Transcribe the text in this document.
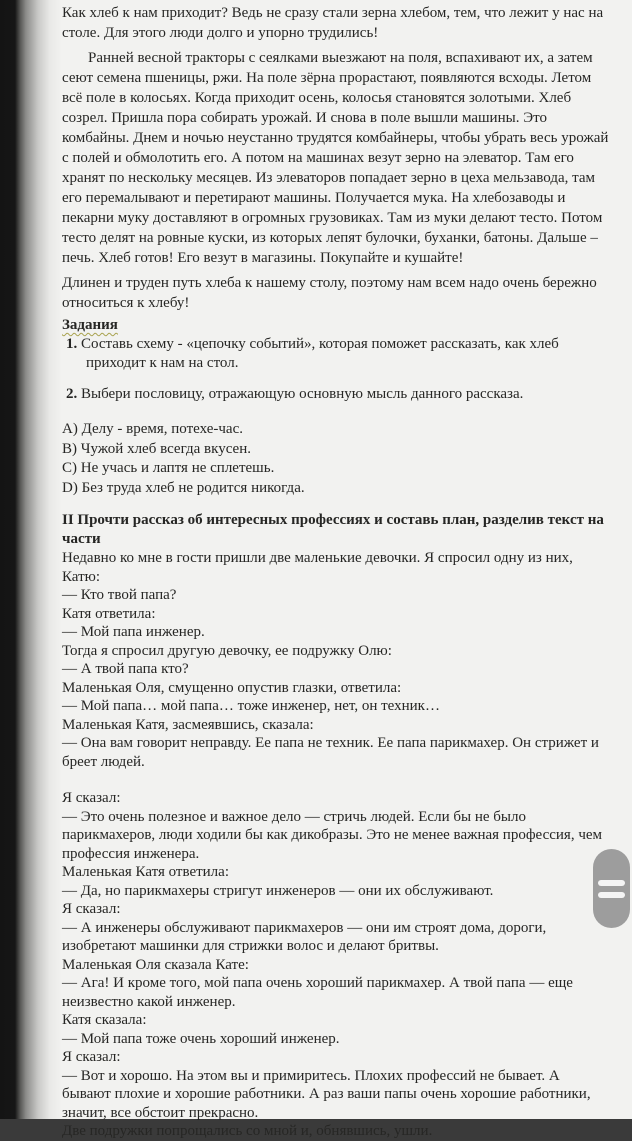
Как хлеб к нам приходит? Ведь не сразу стали зерна хлебом, тем, что лежит у нас на столе. Для этого люди долго и упорно трудились!

Ранней весной тракторы с сеялками выезжают на поля, вспахивают их, а затем сеют семена пшеницы, ржи. На поле зёрна прорастают, появляются всходы. Летом всё поле в колосьях. Когда приходит осень, колосья становятся золотыми. Хлеб созрел. Пришла пора собирать урожай. И снова в поле вышли машины. Это комбайны. Днем и ночью неустанно трудятся комбайнеры, чтобы убрать весь урожай с полей и обмолотить его. А потом на машинах везут зерно на элеватор. Там его хранят по нескольку месяцев. Из элеваторов попадает зерно в цеха мельзавода, там его перемалывают и перетирают машины. Получается мука. На хлебозаводы и пекарни муку доставляют в огромных грузовиках. Там из муки делают тесто. Потом тесто делят на ровные куски, из которых лепят булочки, буханки, батоны. Дальше – печь. Хлеб готов! Его везут в магазины. Покупайте и кушайте!

Длинен и труден путь хлеба к нашему столу, поэтому нам всем надо очень бережно относиться к хлебу!

Задания

1. Составь схему - «цепочку событий», которая поможет рассказать, как хлеб приходит к нам на стол.

2. Выбери пословицу, отражающую основную мысль данного рассказа.

А) Делу - время, потехе-час.

В) Чужой хлеб всегда вкусен.

С) Не учась и лаптя не сплетешь.

D) Без труда хлеб не родится никогда.

II Прочти рассказ об интересных профессиях и составь план, разделив текст на части

Недавно ко мне в гости пришли две маленькие девочки. Я спросил одну из них, Катю:

— Кто твой папа?

Катя ответила:

— Мой папа инженер.

Тогда я спросил другую девочку, ее подружку Олю:

— А твой папа кто?

Маленькая Оля, смущенно опустив глазки, ответила:

— Мой папа… мой папа… тоже инженер, нет, он техник…

Маленькая Катя, засмеявшись, сказала:

— Она вам говорит неправду. Ее папа не техник. Ее папа парикмахер. Он стрижет и бреет людей.

Я сказал:

— Это очень полезное и важное дело — стричь людей. Если бы не было парикмахеров, люди ходили бы как дикобразы. Это не менее важная профессия, чем профессия инженера.

Маленькая Катя ответила:

— Да, но парикмахеры стригут инженеров — они их обслуживают.

Я сказал:

— А инженеры обслуживают парикмахеров — они им строят дома, дороги, изобретают машинки для стрижки волос и делают бритвы.

Маленькая Оля сказала Кате:

— Ага! И кроме того, мой папа очень хороший парикмахер. А твой папа — еще неизвестно какой инженер.

Катя сказала:

— Мой папа тоже очень хороший инженер.

Я сказал:

— Вот и хорошо. На этом вы и примиритесь. Плохих профессий не бывает. А бывают плохие и хорошие работники. А раз ваши папы очень хорошие работники, значит, все обстоит прекрасно.

Две подружки попрощались со мной и, обнявшись, ушли.
